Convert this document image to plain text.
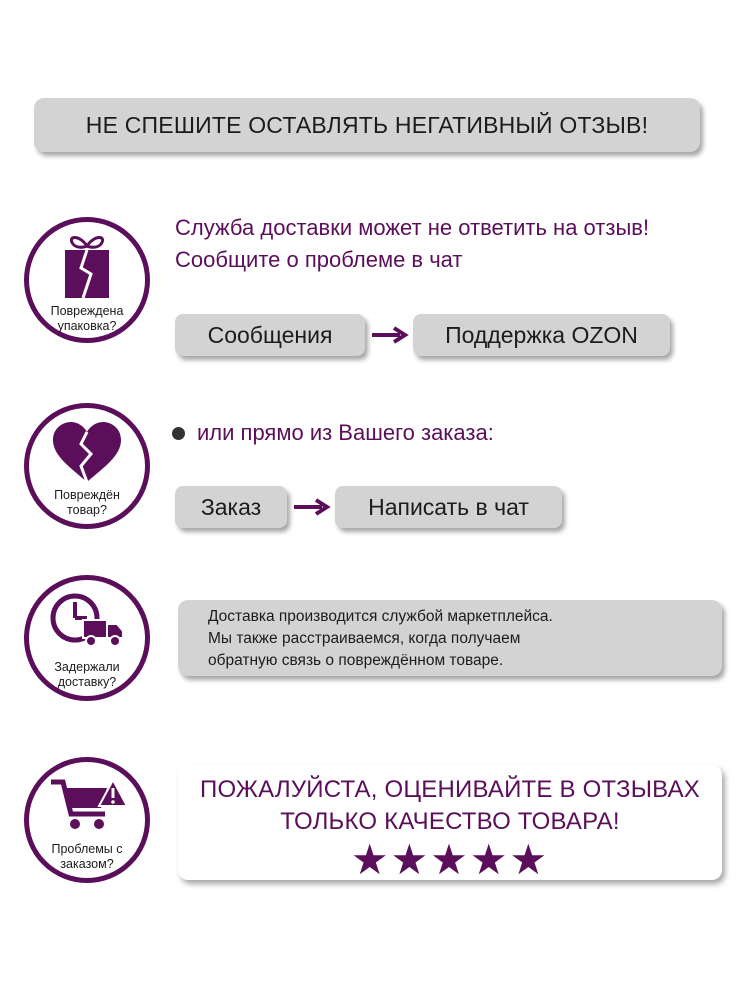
НЕ СПЕШИТЕ ОСТАВЛЯТЬ НЕГАТИВНЫЙ ОТЗЫВ!
Повреждена
упаковка?
Служба доставки может не ответить на отзыв!
Сообщите о проблеме в чат
Сообщения	Поддержка OZON
Повреждён
товар?
или прямо из Вашего заказа:
Заказ	Написать в чат
Задержали
доставку?
Доставка производится службой маркетплейса.
Мы также расстраиваемся, когда получаем
обратную связь о повреждённом товаре.
Проблемы с
заказом?
ПОЖАЛУЙСТА, ОЦЕНИВАЙТЕ В ОТЗЫВАХ
ТОЛЬКО КАЧЕСТВО ТОВАРА!
★★★★★
